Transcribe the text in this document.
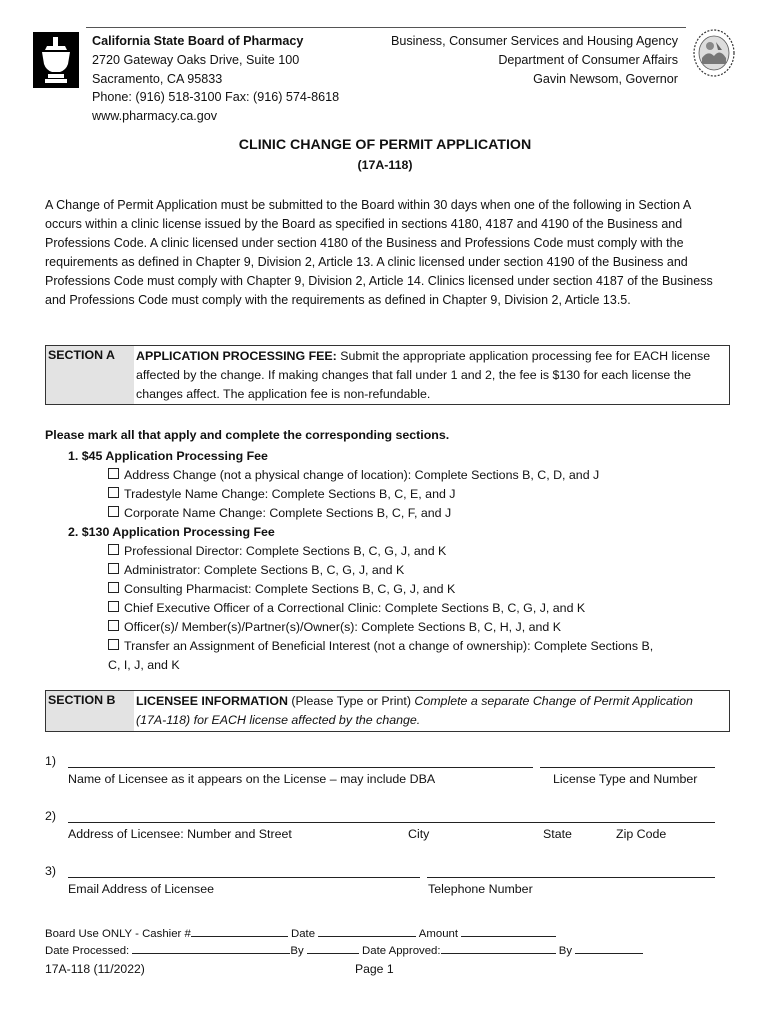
California State Board of Pharmacy
2720 Gateway Oaks Drive, Suite 100
Sacramento, CA 95833
Phone: (916) 518-3100 Fax: (916) 574-8618
www.pharmacy.ca.gov
Business, Consumer Services and Housing Agency
Department of Consumer Affairs
Gavin Newsom, Governor
CLINIC CHANGE OF PERMIT APPLICATION
(17A-118)
A Change of Permit Application must be submitted to the Board within 30 days when one of the following in Section A occurs within a clinic license issued by the Board as specified in sections 4180, 4187 and 4190 of the Business and Professions Code. A clinic licensed under section 4180 of the Business and Professions Code must comply with the requirements as defined in Chapter 9, Division 2, Article 13. A clinic licensed under section 4190 of the Business and Professions Code must comply with Chapter 9, Division 2, Article 14. Clinics licensed under section 4187 of the Business and Professions Code must comply with the requirements as defined in Chapter 9, Division 2, Article 13.5.
SECTION A	APPLICATION PROCESSING FEE: Submit the appropriate application processing fee for EACH license affected by the change. If making changes that fall under 1 and 2, the fee is $130 for each license the changes affect. The application fee is non-refundable.
Please mark all that apply and complete the corresponding sections.
1. $45 Application Processing Fee
Address Change (not a physical change of location): Complete Sections B, C, D, and J
Tradestyle Name Change: Complete Sections B, C, E, and J
Corporate Name Change: Complete Sections B, C, F, and J
2. $130 Application Processing Fee
Professional Director: Complete Sections B, C, G, J, and K
Administrator: Complete Sections B, C, G, J, and K
Consulting Pharmacist: Complete Sections B, C, G, J, and K
Chief Executive Officer of a Correctional Clinic: Complete Sections B, C, G, J, and K
Officer(s)/ Member(s)/Partner(s)/Owner(s): Complete Sections B, C, H, J, and K
Transfer an Assignment of Beneficial Interest (not a change of ownership): Complete Sections B,
C, I, J, and K
SECTION B	LICENSEE INFORMATION (Please Type or Print) Complete a separate Change of Permit Application (17A-118) for EACH license affected by the change.
1)
Name of Licensee as it appears on the License – may include DBA	License Type and Number
2)
Address of Licensee: Number and Street	City	State	Zip Code
3)
Email Address of Licensee	Telephone Number
Board Use ONLY - Cashier #	Date	Amount
Date Processed:	By	Date Approved:	By
17A-118 (11/2022)	Page 1
